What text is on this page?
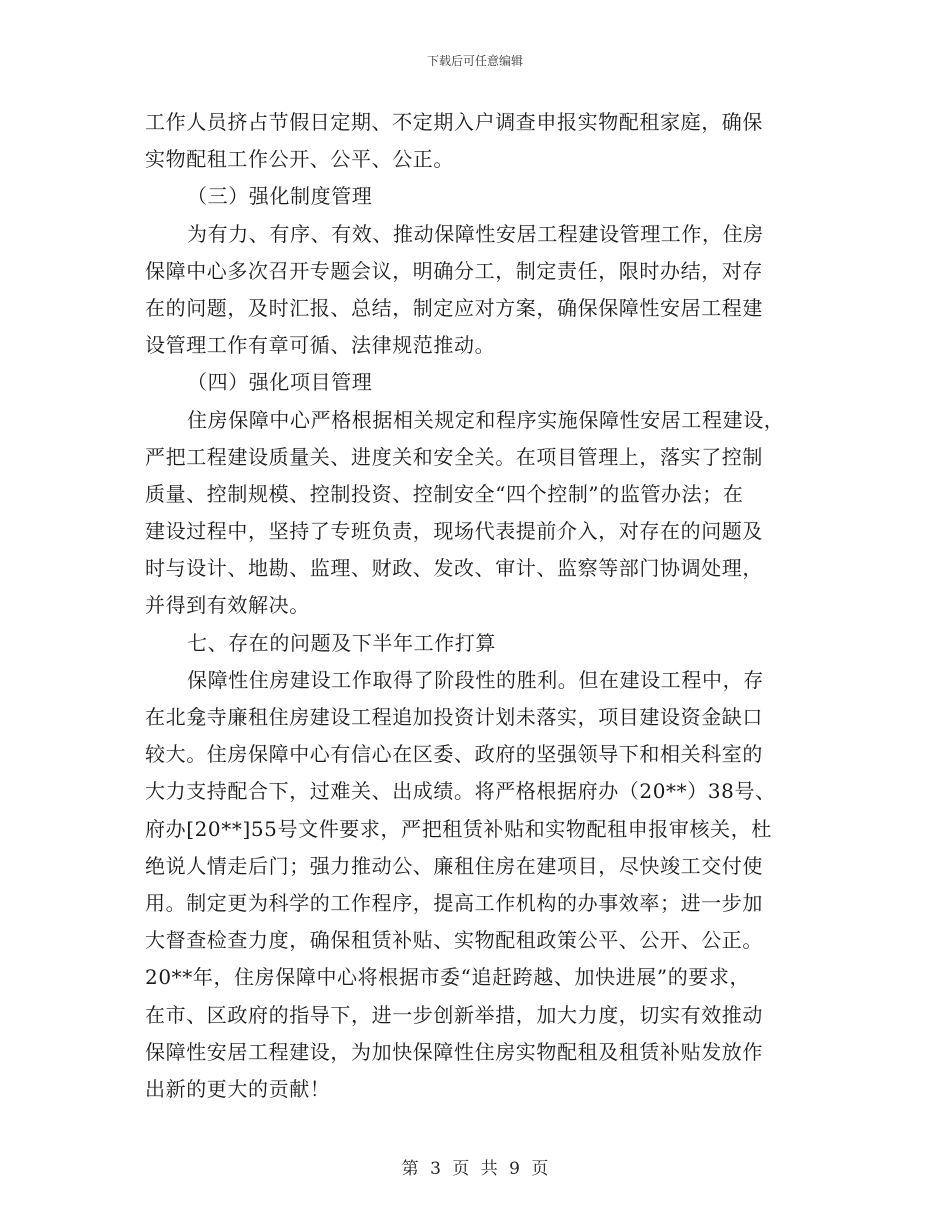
下载后可任意编辑
工作人员挤占节假日定期、不定期入户调查申报实物配租家庭，确保
实物配租工作公开、公平、公正。
（三）强化制度管理
为有力、有序、有效、推动保障性安居工程建设管理工作，住房
保障中心多次召开专题会议，明确分工，制定责任，限时办结，对存
在的问题，及时汇报、总结，制定应对方案，确保保障性安居工程建
设管理工作有章可循、法律规范推动。
（四）强化项目管理
住房保障中心严格根据相关规定和程序实施保障性安居工程建设，
严把工程建设质量关、进度关和安全关。在项目管理上，落实了控制
质量、控制规模、控制投资、控制安全“四个控制”的监管办法；在
建设过程中，坚持了专班负责，现场代表提前介入，对存在的问题及
时与设计、地勘、监理、财政、发改、审计、监察等部门协调处理，
并得到有效解决。
七、存在的问题及下半年工作打算
保障性住房建设工作取得了阶段性的胜利。但在建设工程中，存
在北龛寺廉租住房建设工程追加投资计划未落实，项目建设资金缺口
较大。住房保障中心有信心在区委、政府的坚强领导下和相关科室的
大力支持配合下，过难关、出成绩。将严格根据府办（20**）38号、
府办[20**]55号文件要求，严把租赁补贴和实物配租申报审核关，杜
绝说人情走后门；强力推动公、廉租住房在建项目，尽快竣工交付使
用。制定更为科学的工作程序，提高工作机构的办事效率；进一步加
大督查检查力度，确保租赁补贴、实物配租政策公平、公开、公正。
20**年，住房保障中心将根据市委“追赶跨越、加快进展”的要求，
在市、区政府的指导下，进一步创新举措，加大力度，切实有效推动
保障性安居工程建设，为加快保障性住房实物配租及租赁补贴发放作
出新的更大的贡献！
第 3 页 共 9 页
